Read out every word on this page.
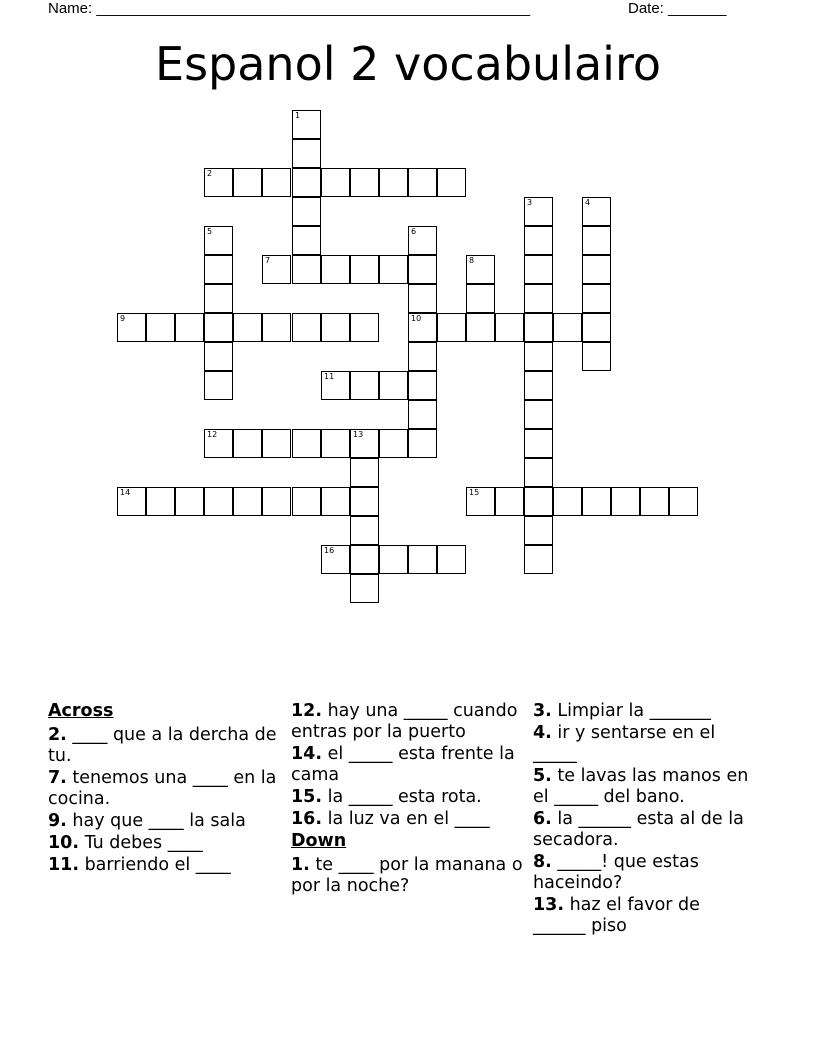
Name: ____________________________________________________	Date: _______
Espanol 2 vocabulairo
1
2
3	4
5	6
7	8
9	10
11
12	13
14	15
16
Across
2. ____ que a la dercha de tu.
7. tenemos una ____ en la cocina.
9. hay que ____ la sala
10. Tu debes ____
11. barriendo el ____
12. hay una _____ cuando entras por la puerto
14. el _____ esta frente la cama
15. la _____ esta rota.
16. la luz va en el ____
Down
1. te ____ por la manana o por la noche?
3. Limpiar la _______
4. ir y sentarse en el _____
5. te lavas las manos en el _____ del bano.
6. la ______ esta al de la secadora.
8. _____! que estas haceindo?
13. haz el favor de ______ piso
